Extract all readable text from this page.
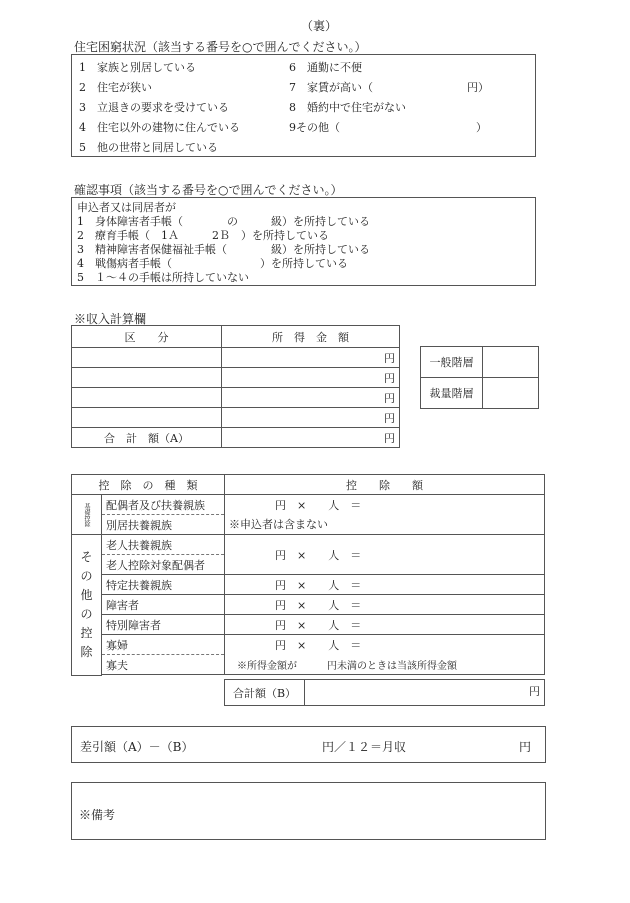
（裏）
住宅困窮状況（該当する番号を○で囲んでください。）
1　家族と別居している
2　住宅が狭い
3　立退きの要求を受けている
4　住宅以外の建物に住んでいる
5　他の世帯と同居している
6　通勤に不便
7　家賃が高い（	円）
8　婚約中で住宅がない
9その他（	）
確認事項（該当する番号を○で囲んでください。）
申込者又は同居者が
1　身体障害者手帳（　　　　の　　　級）を所持している
2　療育手帳（　1Ａ　　　2Ｂ　）を所持している
3　精神障害者保健福祉手帳（　　　　級）を所持している
4　戦傷病者手帳（　　　　　　　　）を所持している
5　１～４の手帳は所持していない
※収入計算欄
区　　分	所　得　金　額
	円
	円
	円
	円
合　計　額（A）	円
一般階層	
裁量階層	
控　除　の　種　類		控　　除　　額
基礎控除	配偶者及び扶養親族	円　×　　人　＝
	別居扶養親族	※申込者は含まない

その他の控除	老人扶養親族	円　×　　人　＝
	老人控除対象配偶者	
	特定扶養親族	円　×　　人　＝
	障害者	円　×　　人　＝
	特別障害者	円　×　　人　＝
	寡婦	円　×　　人　＝
	寡夫	※所得金額が　　　円未満のときは当該所得金額

合計額（B）	円
差引額（A）－（B）	円／１２＝月収	円
※備考
